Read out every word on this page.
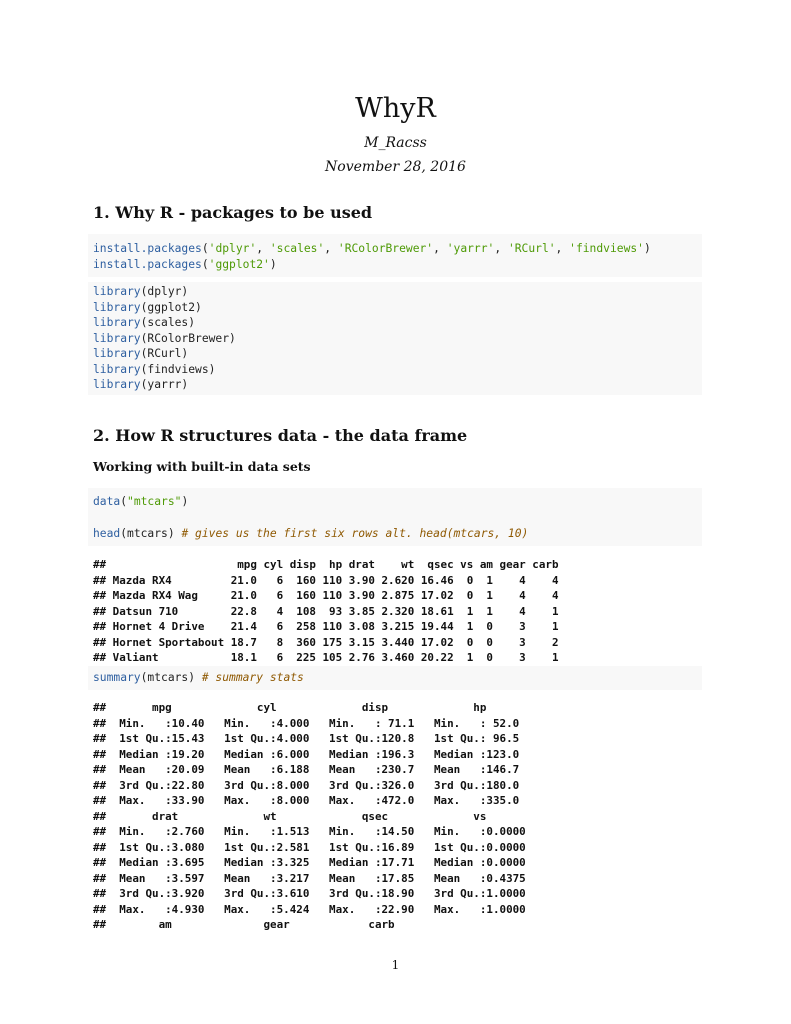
WhyR
M_Racss
November 28, 2016
1. Why R - packages to be used
install.packages('dplyr', 'scales', 'RColorBrewer', 'yarrr', 'RCurl', 'findviews')
install.packages('ggplot2')
library(dplyr)
library(ggplot2)
library(scales)
library(RColorBrewer)
library(RCurl)
library(findviews)
library(yarrr)
2. How R structures data - the data frame
Working with built-in data sets
data("mtcars")
head(mtcars) # gives us the first six rows alt. head(mtcars, 10)
##                    mpg cyl disp  hp drat    wt  qsec vs am gear carb
## Mazda RX4         21.0   6  160 110 3.90 2.620 16.46  0  1    4    4
## Mazda RX4 Wag     21.0   6  160 110 3.90 2.875 17.02  0  1    4    4
## Datsun 710        22.8   4  108  93 3.85 2.320 18.61  1  1    4    1
## Hornet 4 Drive    21.4   6  258 110 3.08 3.215 19.44  1  0    3    1
## Hornet Sportabout 18.7   8  360 175 3.15 3.440 17.02  0  0    3    2
## Valiant           18.1   6  225 105 2.76 3.460 20.22  1  0    3    1
summary(mtcars) # summary stats
##       mpg             cyl             disp             hp
##  Min.   :10.40   Min.   :4.000   Min.   : 71.1   Min.   : 52.0
##  1st Qu.:15.43   1st Qu.:4.000   1st Qu.:120.8   1st Qu.: 96.5
##  Median :19.20   Median :6.000   Median :196.3   Median :123.0
##  Mean   :20.09   Mean   :6.188   Mean   :230.7   Mean   :146.7
##  3rd Qu.:22.80   3rd Qu.:8.000   3rd Qu.:326.0   3rd Qu.:180.0
##  Max.   :33.90   Max.   :8.000   Max.   :472.0   Max.   :335.0
##       drat             wt             qsec             vs
##  Min.   :2.760   Min.   :1.513   Min.   :14.50   Min.   :0.0000
##  1st Qu.:3.080   1st Qu.:2.581   1st Qu.:16.89   1st Qu.:0.0000
##  Median :3.695   Median :3.325   Median :17.71   Median :0.0000
##  Mean   :3.597   Mean   :3.217   Mean   :17.85   Mean   :0.4375
##  3rd Qu.:3.920   3rd Qu.:3.610   3rd Qu.:18.90   3rd Qu.:1.0000
##  Max.   :4.930   Max.   :5.424   Max.   :22.90   Max.   :1.0000
##        am              gear            carb
1
